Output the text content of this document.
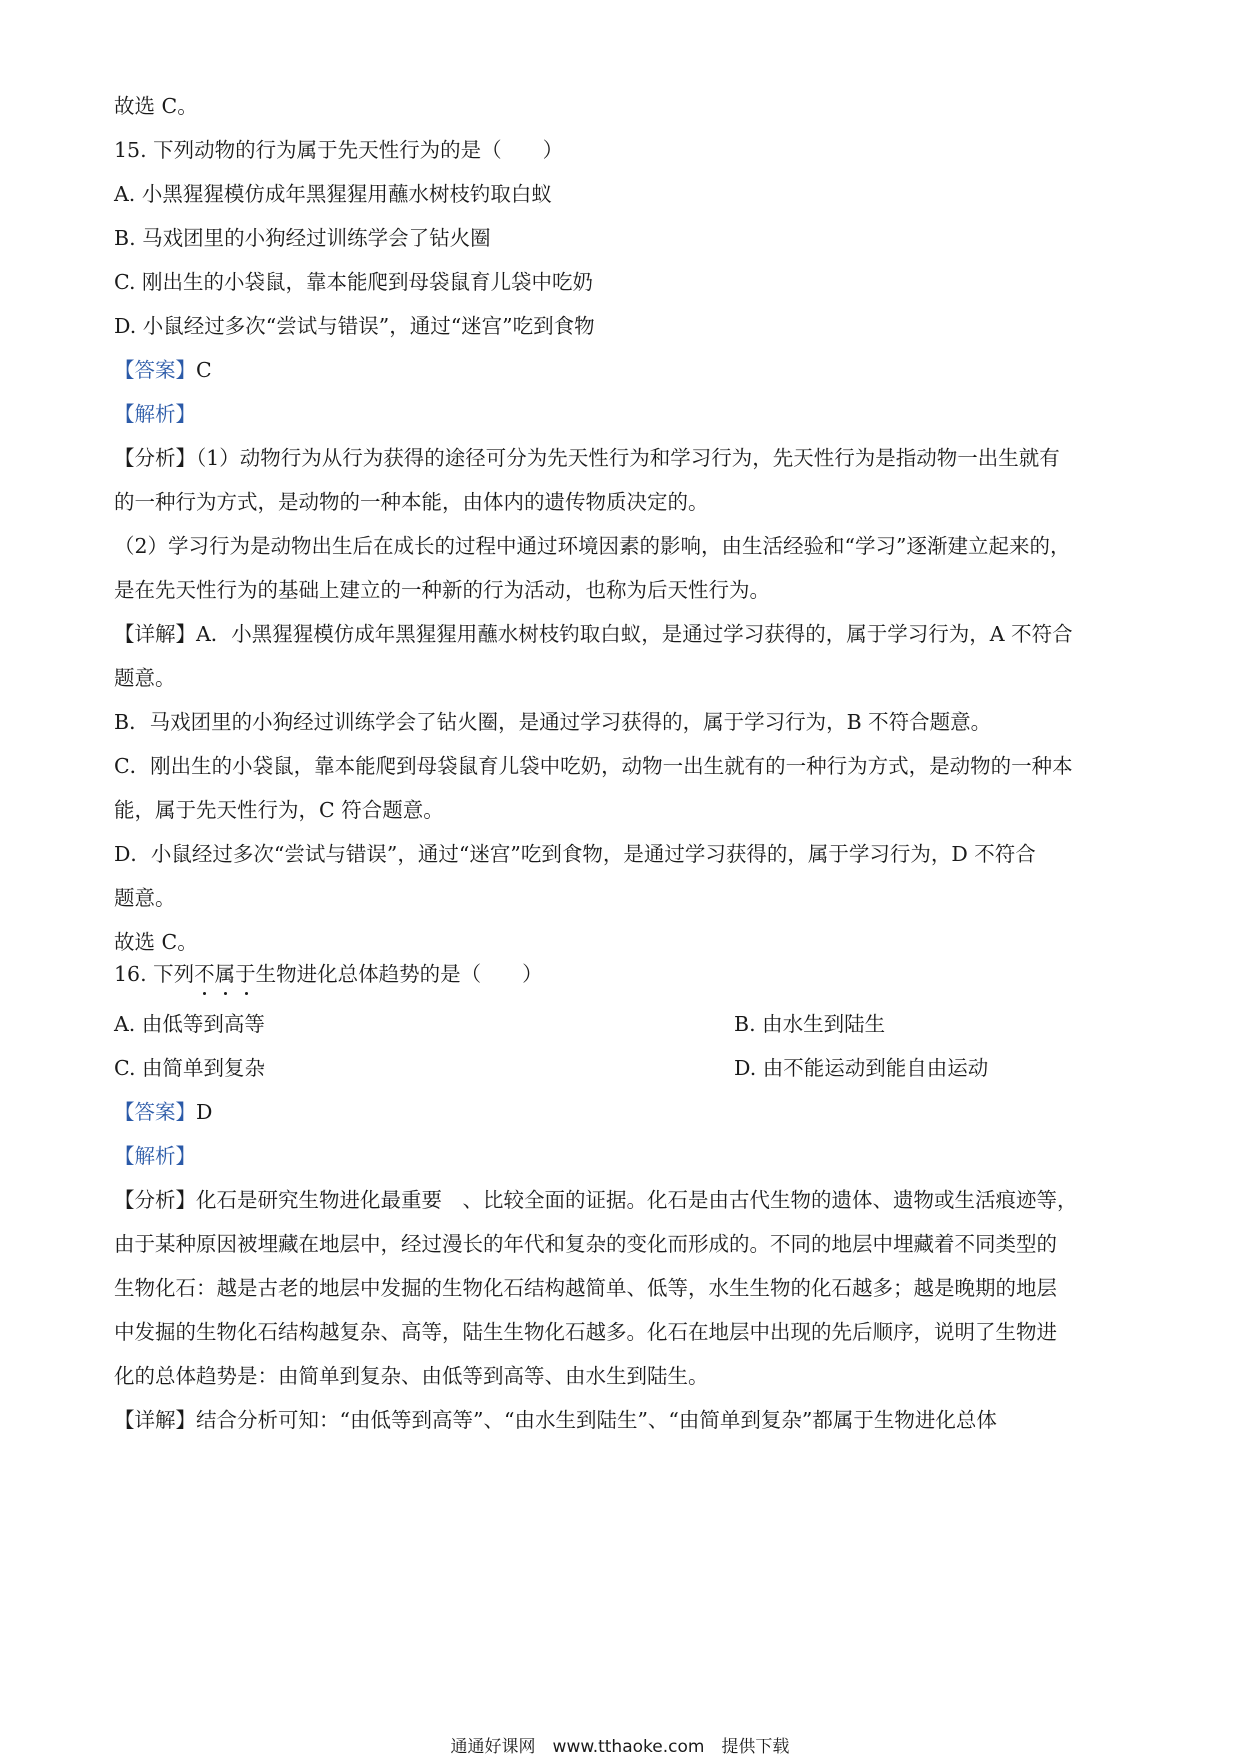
故选 C。
15. 下列动物的行为属于先天性行为的是（　　）
A. 小黑猩猩模仿成年黑猩猩用蘸水树枝钓取白蚁
B. 马戏团里的小狗经过训练学会了钻火圈
C. 刚出生的小袋鼠，靠本能爬到母袋鼠育儿袋中吃奶
D. 小鼠经过多次“尝试与错误”，通过“迷宫”吃到食物
【答案】C
【解析】
【分析】（1）动物行为从行为获得的途径可分为先天性行为和学习行为，先天性行为是指动物一出生就有
的一种行为方式，是动物的一种本能，由体内的遗传物质决定的。
（2）学习行为是动物出生后在成长的过程中通过环境因素的影响，由生活经验和“学习”逐渐建立起来的，
是在先天性行为的基础上建立的一种新的行为活动，也称为后天性行为。
【详解】A．小黑猩猩模仿成年黑猩猩用蘸水树枝钓取白蚁，是通过学习获得的，属于学习行为，A 不符合
题意。
B．马戏团里的小狗经过训练学会了钻火圈，是通过学习获得的，属于学习行为，B 不符合题意。
C．刚出生的小袋鼠，靠本能爬到母袋鼠育儿袋中吃奶，动物一出生就有的一种行为方式，是动物的一种本
能，属于先天性行为，C 符合题意。
D．小鼠经过多次“尝试与错误”，通过“迷宫”吃到食物，是通过学习获得的，属于学习行为，D 不符合
题意。
故选 C。
16. 下列不属于
生物进化总体趋势的是（　　）
A. 由低等到高等	B. 由水生到陆生
C. 由简单到复杂	D. 由不能运动到能自由运动
【答案】D
【解析】
【分析】化石是研究生物进化最重要　、比较全面的证据。化石是由古代生物的遗体、遗物或生活痕迹等，
由于某种原因被埋藏在地层中，经过漫长的年代和复杂的变化而形成的。不同的地层中埋藏着不同类型的
生物化石：越是古老的地层中发掘的生物化石结构越简单、低等，水生生物的化石越多；越是晚期的地层
中发掘的生物化石结构越复杂、高等，陆生生物化石越多。化石在地层中出现的先后顺序，说明了生物进
化的总体趋势是：由简单到复杂、由低等到高等、由水生到陆生。
【详解】结合分析可知：“由低等到高等”、“由水生到陆生”、“由简单到复杂”都属于生物进化总体
通通好课网　www.tthaoke.com　提供下载
